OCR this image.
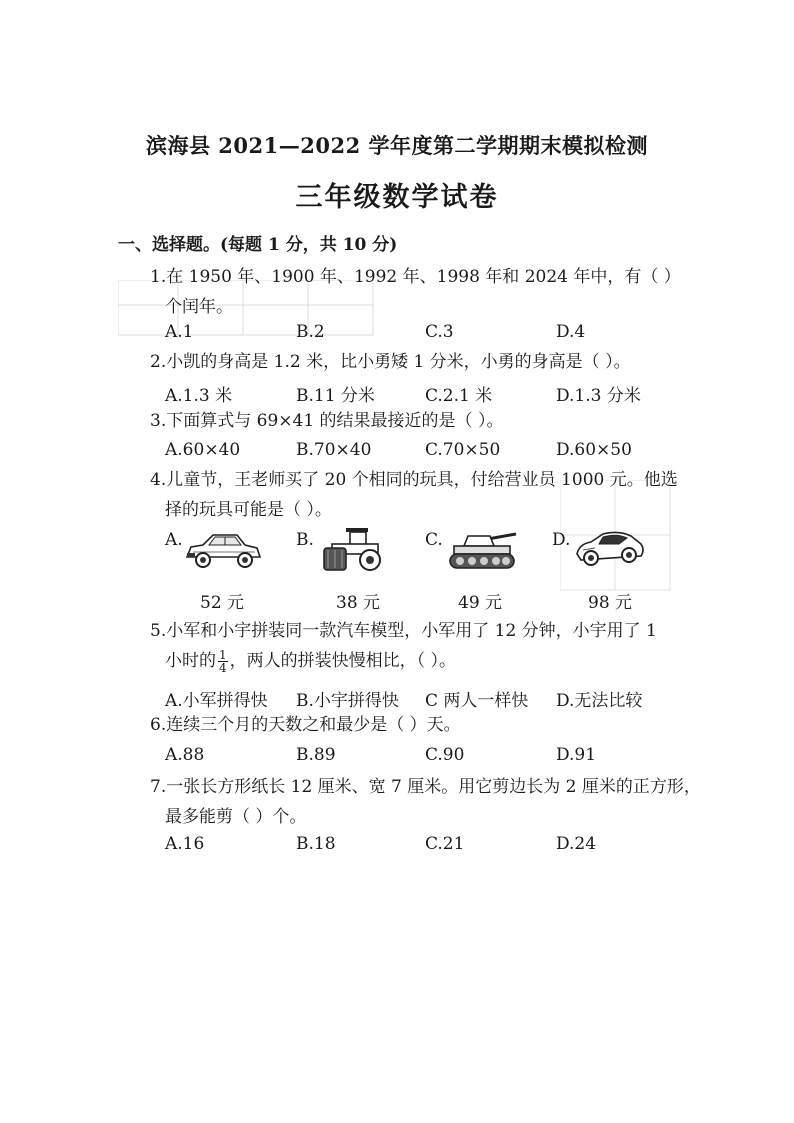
滨海县 2021—2022 学年度第二学期期末模拟检测
三年级数学试卷
一、选择题。(每题 1 分，共 10 分)
1.在 1950 年、1900 年、1992 年、1998 年和 2024 年中，有（ ）
个闰年。
A.1	B.2	C.3	D.4
2.小凯的身高是 1.2 米，比小勇矮 1 分米，小勇的身高是（ ）。
A.1.3 米	B.11 分米	C.2.1 米	D.1.3 分米
3.下面算式与 69×41 的结果最接近的是（ ）。
A.60×40	B.70×40	C.70×50	D.60×50
4.儿童节，王老师买了 20 个相同的玩具，付给营业员 1000 元。他选
择的玩具可能是（ ）。
A.	B.	C.	D.
52 元	38 元	49 元	98 元
5.小军和小宇拼装同一款汽车模型，小军用了 12 分钟，小宇用了 1
小时的 $\frac{1}{4}$ ，两人的拼装快慢相比，（ ）。
A.小军拼得快 B.小宇拼得快 C 两人一样快 D.无法比较
6.连续三个月的天数之和最少是（ ）天。
A.88	B.89	C.90	D.91
7.一张长方形纸长 12 厘米、宽 7 厘米。用它剪边长为 2 厘米的正方形，
最多能剪（ ）个。
A.16	B.18	C.21	D.24
